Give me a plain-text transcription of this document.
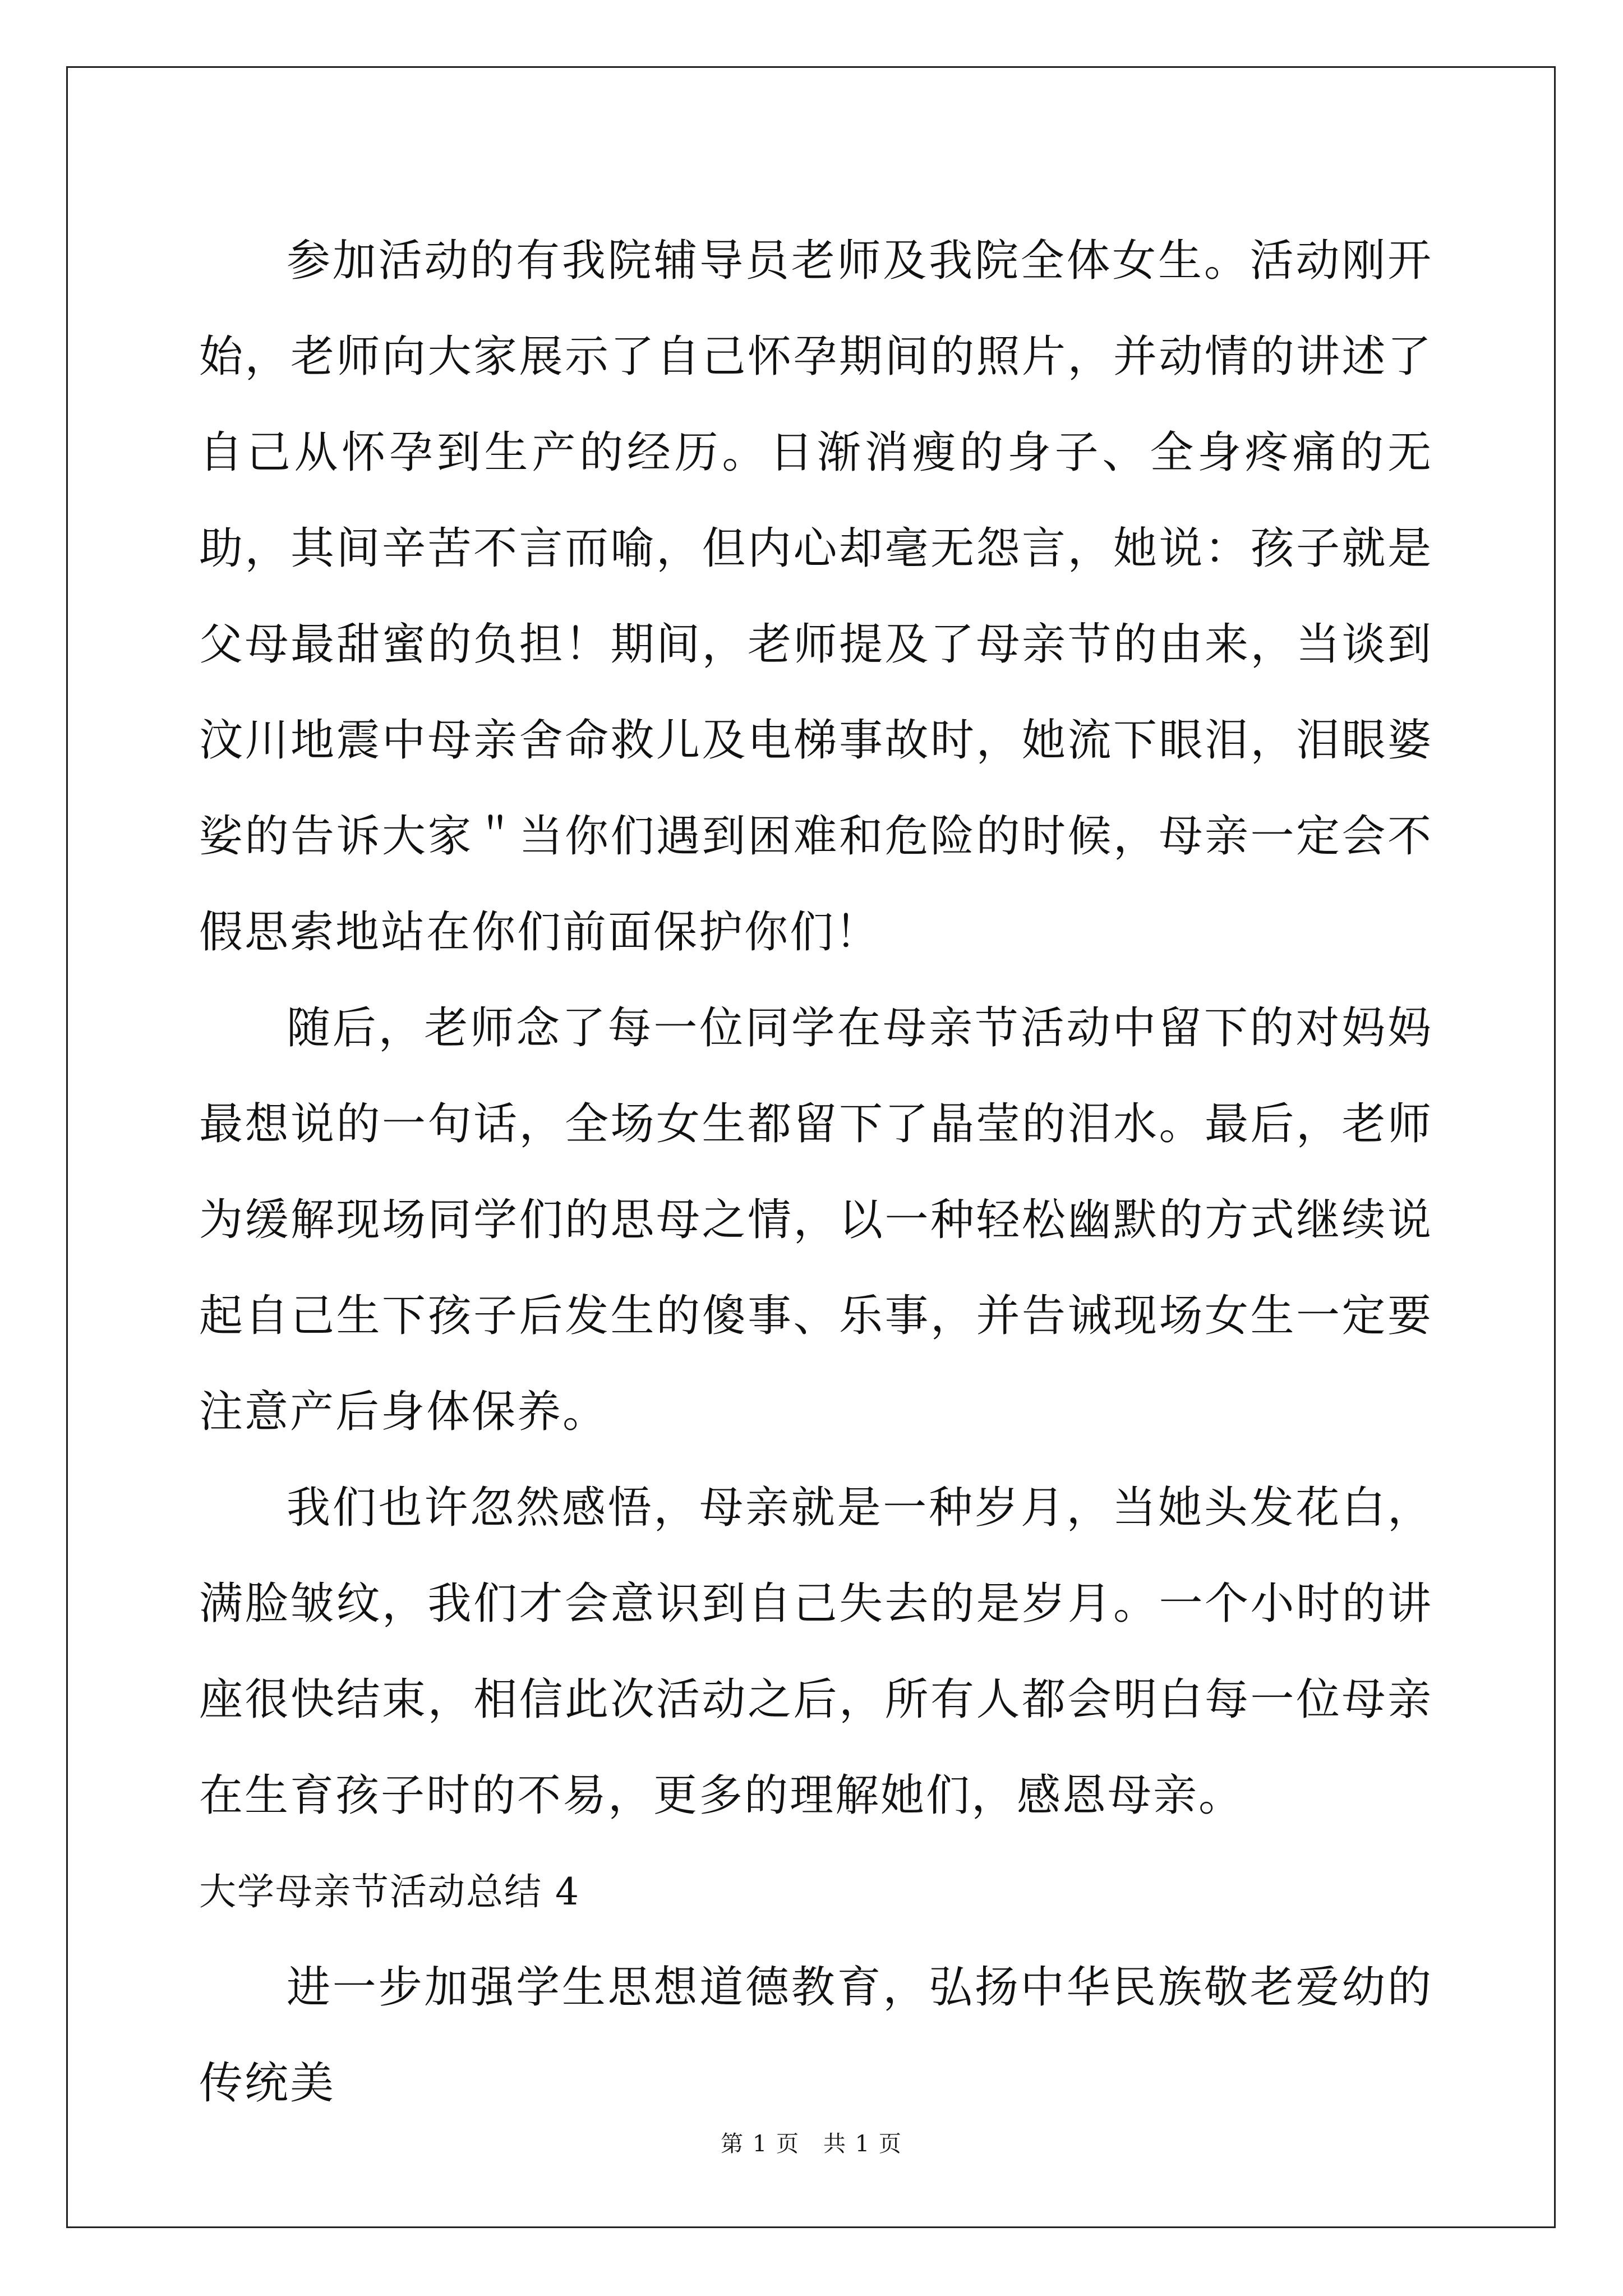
参加活动的有我院辅导员老师及我院全体女生。活动刚开始，老师向大家展示了自己怀孕期间的照片，并动情的讲述了自己从怀孕到生产的经历。日渐消瘦的身子、全身疼痛的无助，其间辛苦不言而喻，但内心却毫无怨言，她说：孩子就是父母最甜蜜的负担！期间，老师提及了母亲节的由来，当谈到汶川地震中母亲舍命救儿及电梯事故时，她流下眼泪，泪眼婆娑的告诉大家＂当你们遇到困难和危险的时候，母亲一定会不假思索地站在你们前面保护你们！

随后，老师念了每一位同学在母亲节活动中留下的对妈妈最想说的一句话，全场女生都留下了晶莹的泪水。最后，老师为缓解现场同学们的思母之情，以一种轻松幽默的方式继续说起自己生下孩子后发生的傻事、乐事，并告诫现场女生一定要注意产后身体保养。

我们也许忽然感悟，母亲就是一种岁月，当她头发花白，满脸皱纹，我们才会意识到自己失去的是岁月。一个小时的讲座很快结束，相信此次活动之后，所有人都会明白每一位母亲在生育孩子时的不易，更多的理解她们，感恩母亲。

大学母亲节活动总结 4

进一步加强学生思想道德教育，弘扬中华民族敬老爱幼的传统美

第 1 页　共 1 页
